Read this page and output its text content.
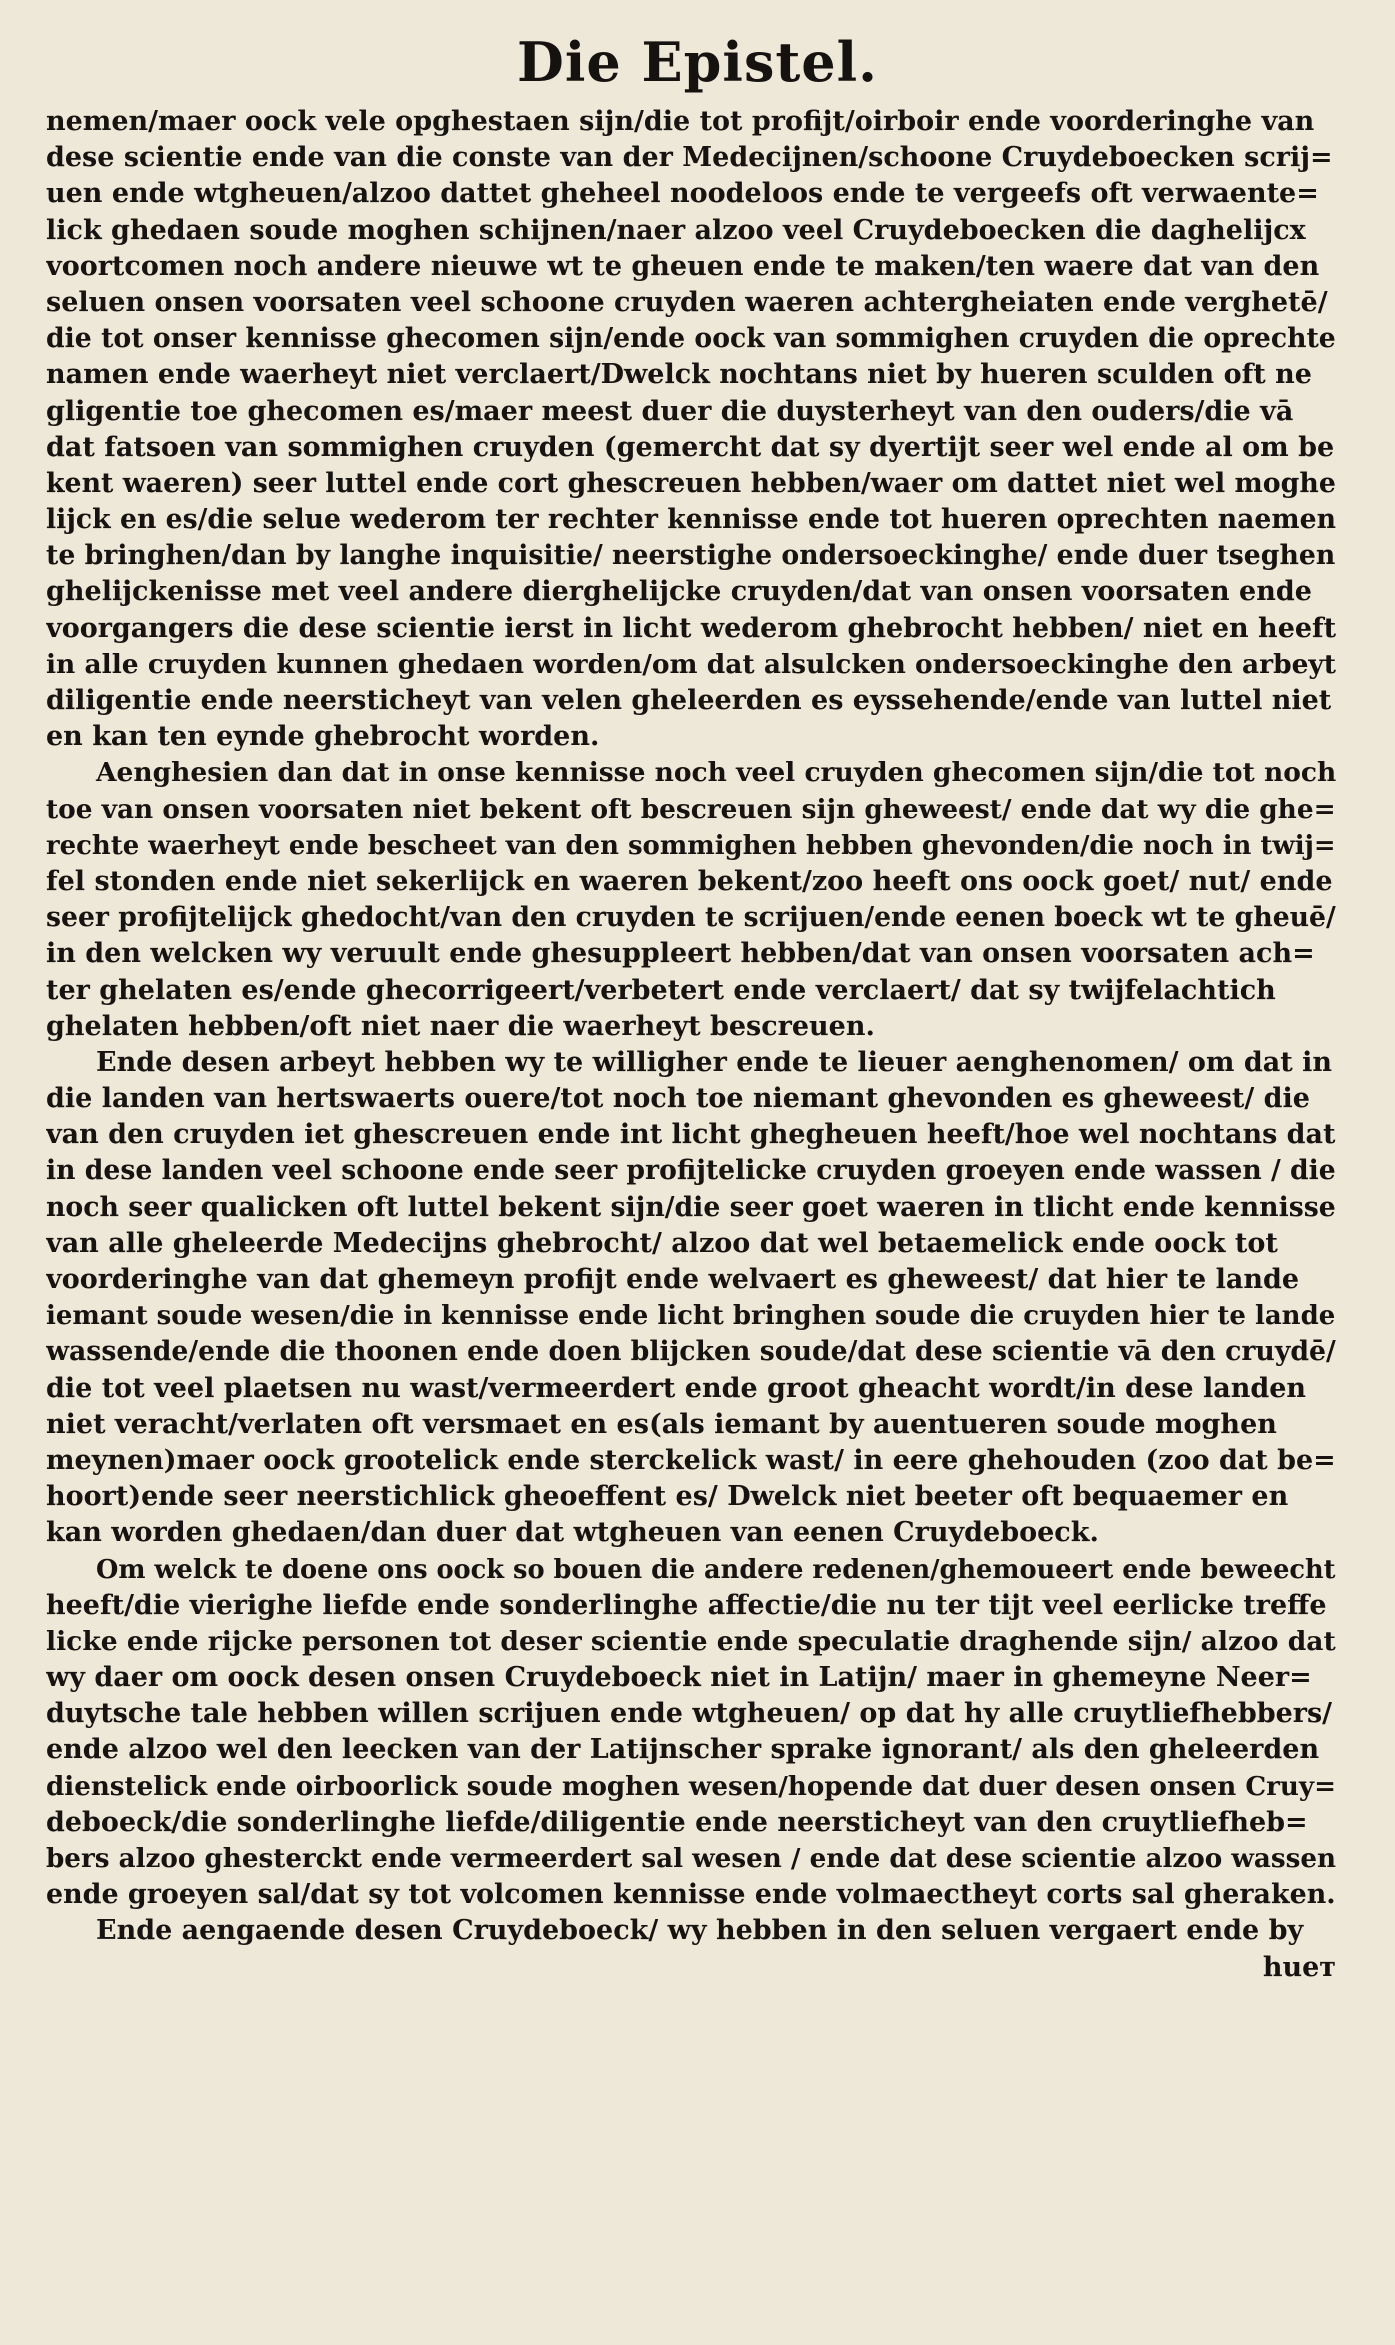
Die Epistel.
nemen/maer oock vele opghestaen sijn/die tot profijt/oirboir ende voorderinghe van
dese scientie ende van die conste van der Medecijnen/schoone Cruydeboecken scrij=
uen ende wtgheuen/alzoo dattet gheheel noodeloos ende te vergeefs oft verwaente=
lick ghedaen soude moghen schijnen/naer alzoo veel Cruydeboecken die daghelijcx
voortcomen noch andere nieuwe wt te gheuen ende te maken/ten waere dat van den
seluen onsen voorsaten veel schoone cruyden waeren achtergheiaten ende verghetē/
die tot onser kennisse ghecomen sijn/ende oock van sommighen cruyden die oprechte
namen ende waerheyt niet verclaert/Dwelck nochtans niet by hueren sculden oft ne
gligentie toe ghecomen es/maer meest duer die duysterheyt van den ouders/die vā
dat fatsoen van sommighen cruyden (gemercht dat sy dyertijt seer wel ende al om be
kent waeren) seer luttel ende cort ghescreuen hebben/waer om dattet niet wel moghe
lijck en es/die selue wederom ter rechter kennisse ende tot hueren oprechten naemen
te bringhen/dan by langhe inquisitie/ neerstighe ondersoeckinghe/ ende duer tseghen
ghelijckenisse met veel andere dierghelijcke cruyden/dat van onsen voorsaten ende
voorgangers die dese scientie ierst in licht wederom ghebrocht hebben/ niet en heeft
in alle cruyden kunnen ghedaen worden/om dat alsulcken ondersoeckinghe den arbeyt
diligentie ende neerstichеyt van velen gheleerden es eyssehende/ende van luttel niet
en kan ten eynde ghebrocht worden.
Aenghesien dan dat in onse kennisse noch veel cruyden ghecomen sijn/die tot noch
toe van onsen voorsaten niet bekent oft bescreuen sijn gheweest/ ende dat wy die ghe=
rechte waerheyt ende bescheet van den sommighen hebben ghevonden/die noch in twij=
fel stonden ende niet sekerlijck en waeren bekent/zoo heeft ons oock goet/ nut/ ende
seer profijtelijck ghedocht/van den cruyden te scrijuen/ende eenen boeck wt te gheuē/
in den welcken wy veruult ende ghesuppleert hebben/dat van onsen voorsaten ach=
ter ghelaten es/ende ghecorrigeert/verbetert ende verclaert/ dat sy twijfelachtich
ghelaten hebben/oft niet naer die waerheyt bescreuen.
Ende desen arbeyt hebben wy te willigher ende te lieuer aenghenomen/ om dat in
die landen van hertswaerts ouere/tot noch toe niemant ghevonden es gheweest/ die
van den cruyden iet ghescreuen ende int licht ghegheuen heeft/hoe wel nochtans dat
in dese landen veel schoone ende seer profijtelicke cruyden groeyen ende wassen / die
noch seer qualicken oft luttel bekent sijn/die seer goet waeren in tlicht ende kennisse
van alle gheleerde Medecijns ghebrocht/ alzoo dat wel betaemelick ende oock tot
voorderinghe van dat ghemeyn profijt ende welvaert es gheweest/ dat hier te lande
iemant soude wesen/die in kennisse ende licht bringhen soude die cruyden hier te lande
wassende/ende die thoonen ende doen blijcken soude/dat dese scientie vā den cruydē/
die tot veel plaetsen nu wast/vermeerdert ende groot gheacht wordt/in dese landen
niet veracht/verlaten oft versmaet en es(als iemant by auentueren soude moghen
meynen)maer oock grootelick ende sterckelick wast/ in eere ghehouden (zoo dat be=
hoort)ende seer neerstichlick gheoeffent es/ Dwelck niet beeter oft bequaemer en
kan worden ghedaen/dan duer dat wtgheuen van eenen Cruydeboeck.
Om welck te doene ons oock so bouen die andere redenen/ghemoueert ende beweecht
heeft/die vierighe liefde ende sonderlinghe affectie/die nu ter tijt veel eerlicke treffe
licke ende rijcke personen tot deser scientie ende speculatie draghende sijn/ alzoo dat
wy daer om oock desen onsen Cruydeboeck niet in Latijn/ maer in ghemeyne Neer=
duytsche tale hebben willen scrijuen ende wtgheuen/ op dat hy alle cruytliefhebbers/
ende alzoo wel den leecken van der Latijnscher sprake ignorant/ als den gheleerden
dienstelick ende oirboorlick soude moghen wesen/hopende dat duer desen onsen Cruy=
deboeck/die sonderlinghe liefde/diligentie ende neerstichеyt van den cruytliefheb=
bers alzoo ghesterckt ende vermeerdert sal wesen / ende dat dese scientie alzoo wassen
ende groeyen sal/dat sy tot volcomen kennisse ende volmaectheyt corts sal gheraken.
Ende aengaende desen Cruydeboeck/ wy hebben in den seluen vergaert ende by
hueт
